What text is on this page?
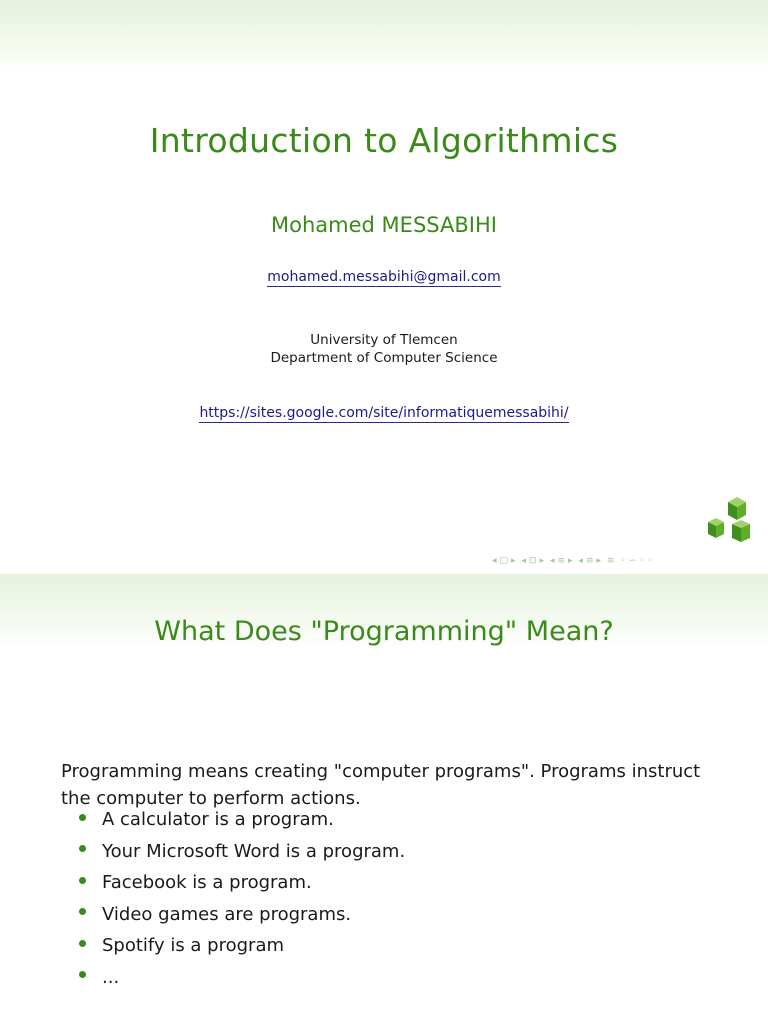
Introduction to Algorithmics
Mohamed MESSABIHI
mohamed.messabihi@gmail.com
University of Tlemcen
Department of Computer Science
https://sites.google.com/site/informatiquemessabihi/
◂ □ ▸ ◂ ⊡ ▸ ◂ ≡ ▸ ◂ ≡ ▸ ≡ ◦ ∽ ◦ ◦
What Does "Programming" Mean?
Programming means creating "computer programs". Programs instruct the computer to perform actions.
A calculator is a program.
Your Microsoft Word is a program.
Facebook is a program.
Video games are programs.
Spotify is a program
...
